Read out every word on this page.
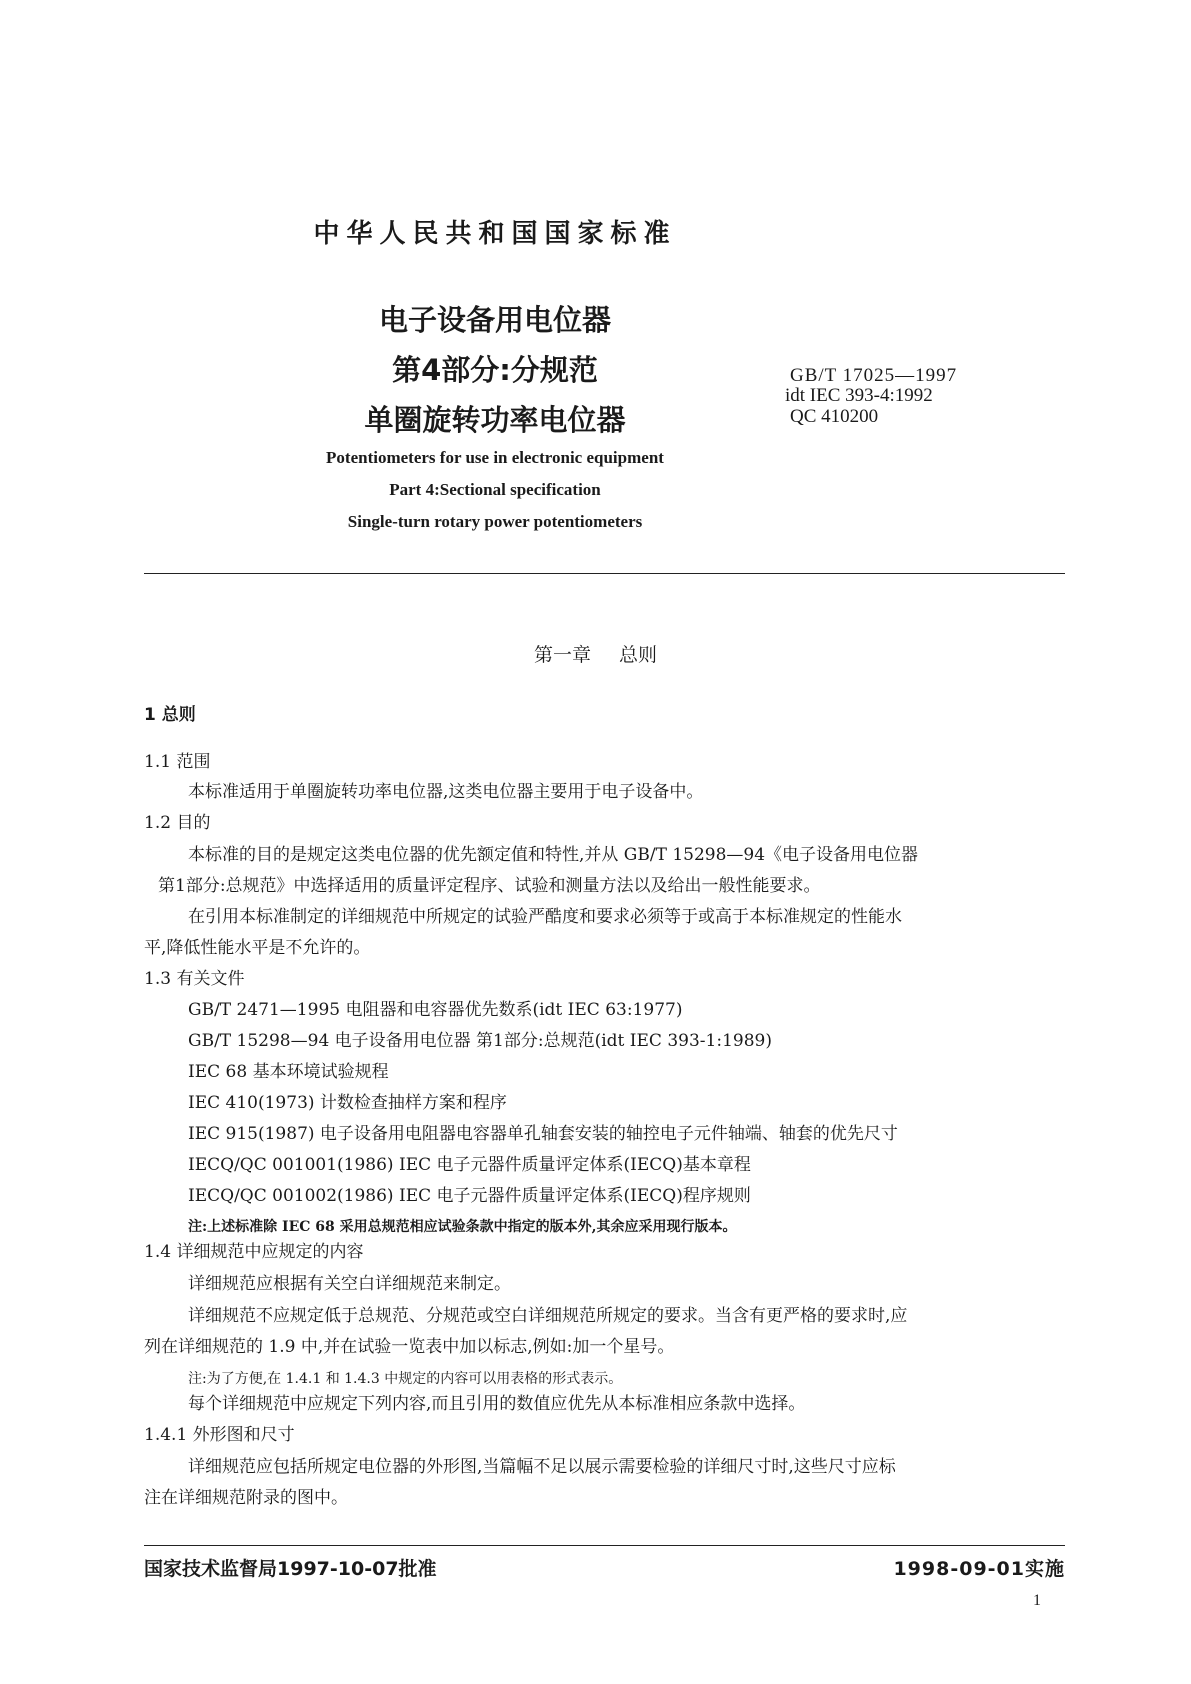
中华人民共和国国家标准
电子设备用电位器
第4部分:分规范
单圈旋转功率电位器
GB/T 17025—1997
idt IEC 393-4:1992
QC 410200
Potentiometers for use in electronic equipment
Part 4:Sectional specification
Single-turn rotary power potentiometers
第一章 总则
1 总则
1.1 范围
本标准适用于单圈旋转功率电位器,这类电位器主要用于电子设备中。
1.2 目的
本标准的目的是规定这类电位器的优先额定值和特性,并从 GB/T 15298—94《电子设备用电位器
第1部分:总规范》中选择适用的质量评定程序、试验和测量方法以及给出一般性能要求。
在引用本标准制定的详细规范中所规定的试验严酷度和要求必须等于或高于本标准规定的性能水
平,降低性能水平是不允许的。
1.3 有关文件
GB/T 2471—1995 电阻器和电容器优先数系(idt IEC 63:1977)
GB/T 15298—94 电子设备用电位器 第1部分:总规范(idt IEC 393-1:1989)
IEC 68 基本环境试验规程
IEC 410(1973) 计数检查抽样方案和程序
IEC 915(1987) 电子设备用电阻器电容器单孔轴套安装的轴控电子元件轴端、轴套的优先尺寸
IECQ/QC 001001(1986) IEC 电子元器件质量评定体系(IECQ)基本章程
IECQ/QC 001002(1986) IEC 电子元器件质量评定体系(IECQ)程序规则
注:上述标准除 IEC 68 采用总规范相应试验条款中指定的版本外,其余应采用现行版本。
1.4 详细规范中应规定的内容
详细规范应根据有关空白详细规范来制定。
详细规范不应规定低于总规范、分规范或空白详细规范所规定的要求。当含有更严格的要求时,应
列在详细规范的 1.9 中,并在试验一览表中加以标志,例如:加一个星号。
注:为了方便,在 1.4.1 和 1.4.3 中规定的内容可以用表格的形式表示。
每个详细规范中应规定下列内容,而且引用的数值应优先从本标准相应条款中选择。
1.4.1 外形图和尺寸
详细规范应包括所规定电位器的外形图,当篇幅不足以展示需要检验的详细尺寸时,这些尺寸应标
注在详细规范附录的图中。
国家技术监督局1997-10-07批准	1998-09-01实施
1
